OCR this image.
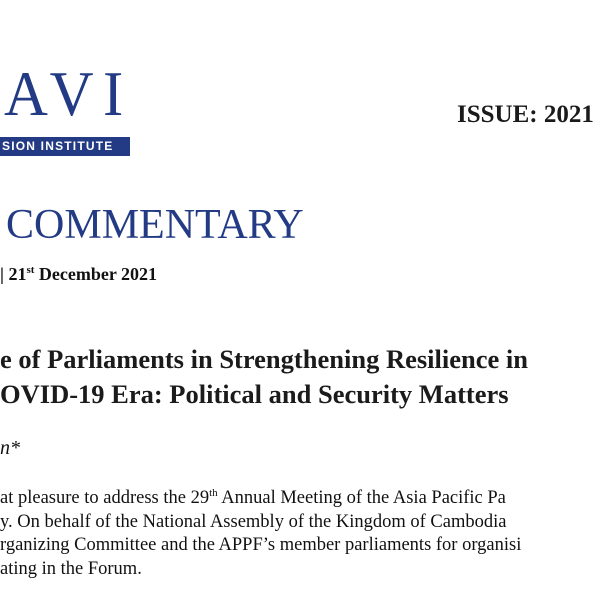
AVI
SION INSTITUTE
ISSUE: 2021
COMMENTARY
| 21st December 2021
e of Parliaments in Strengthening Resilience in
OVID-19 Era: Political and Security Matters
n*
at pleasure to address the 29th Annual Meeting of the Asia Pacific Pa
y. On behalf of the National Assembly of the Kingdom of Cambodia
rganizing Committee and the APPF’s member parliaments for organisi
ating in the Forum.
